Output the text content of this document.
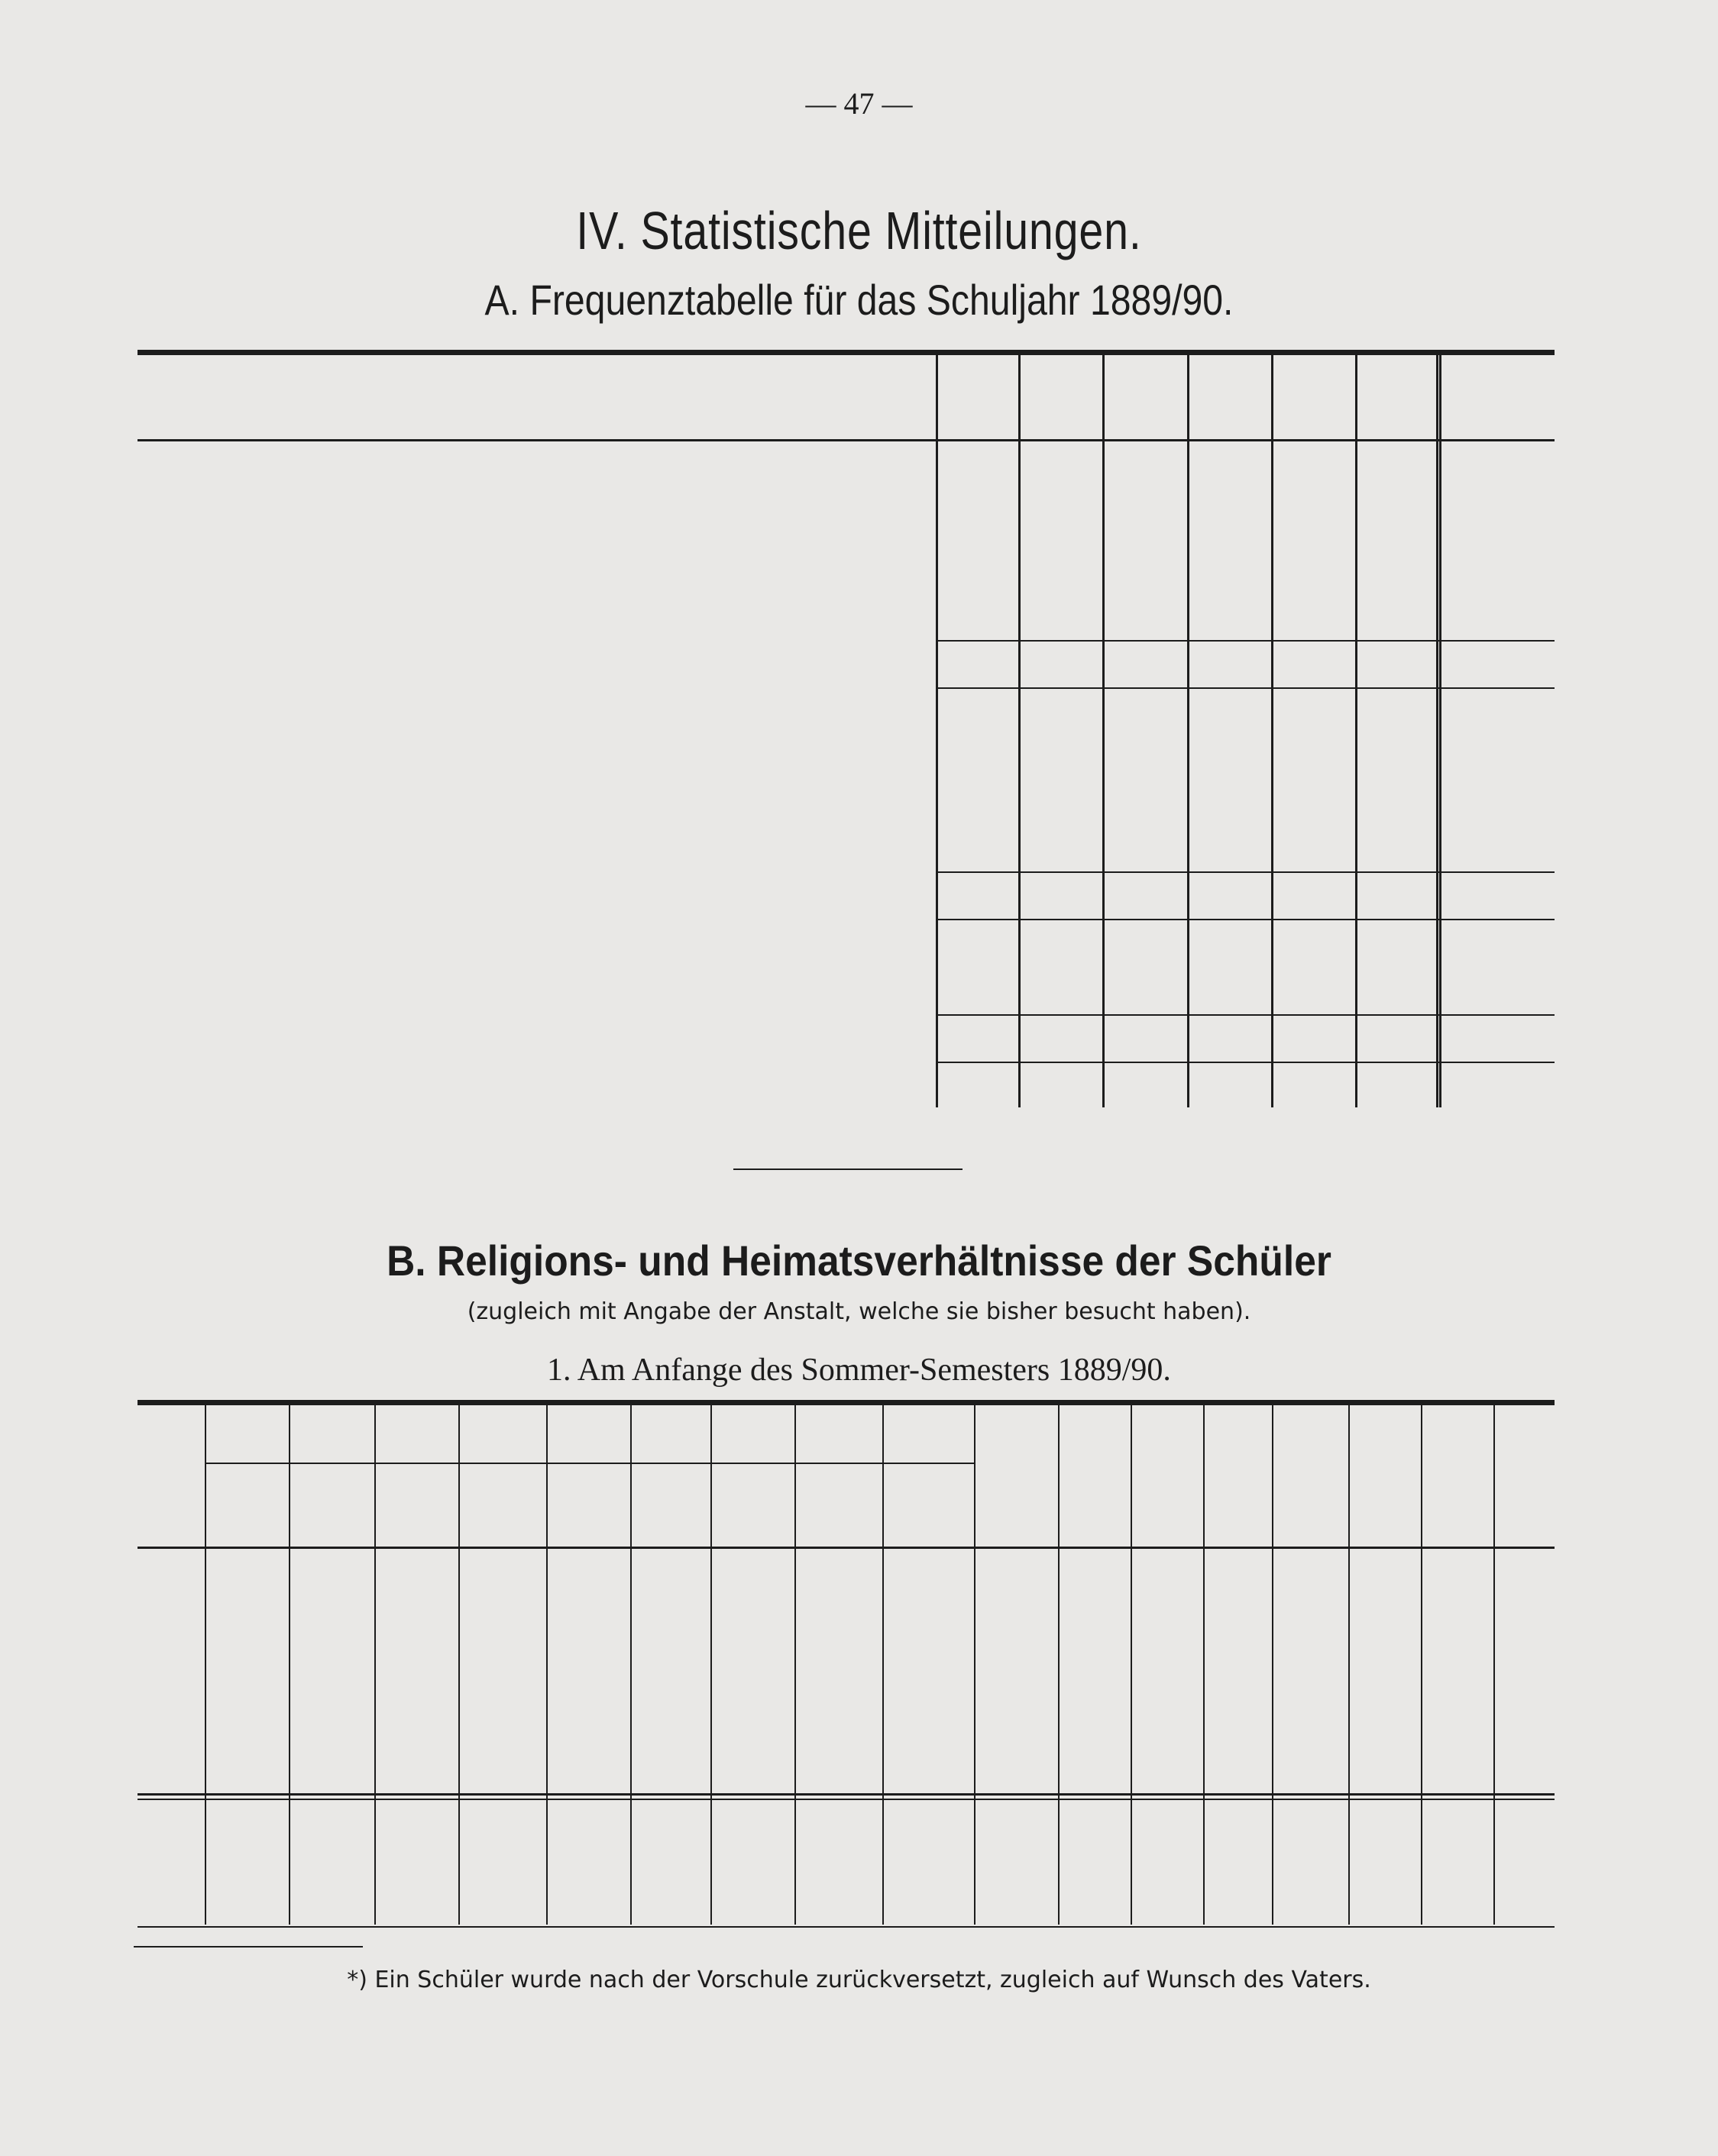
— 47 —
IV. Statistische Mitteilungen.
A. Frequenztabelle für das Schuljahr 1889/90.
B. Religions- und Heimatsverhältnisse der Schüler
(zugleich mit Angabe der Anstalt, welche sie bisher besucht haben).
1. Am Anfange des Sommer-Semesters 1889/90.
*) Ein Schüler wurde nach der Vorschule zurückversetzt, zugleich auf Wunsch des Vaters.
